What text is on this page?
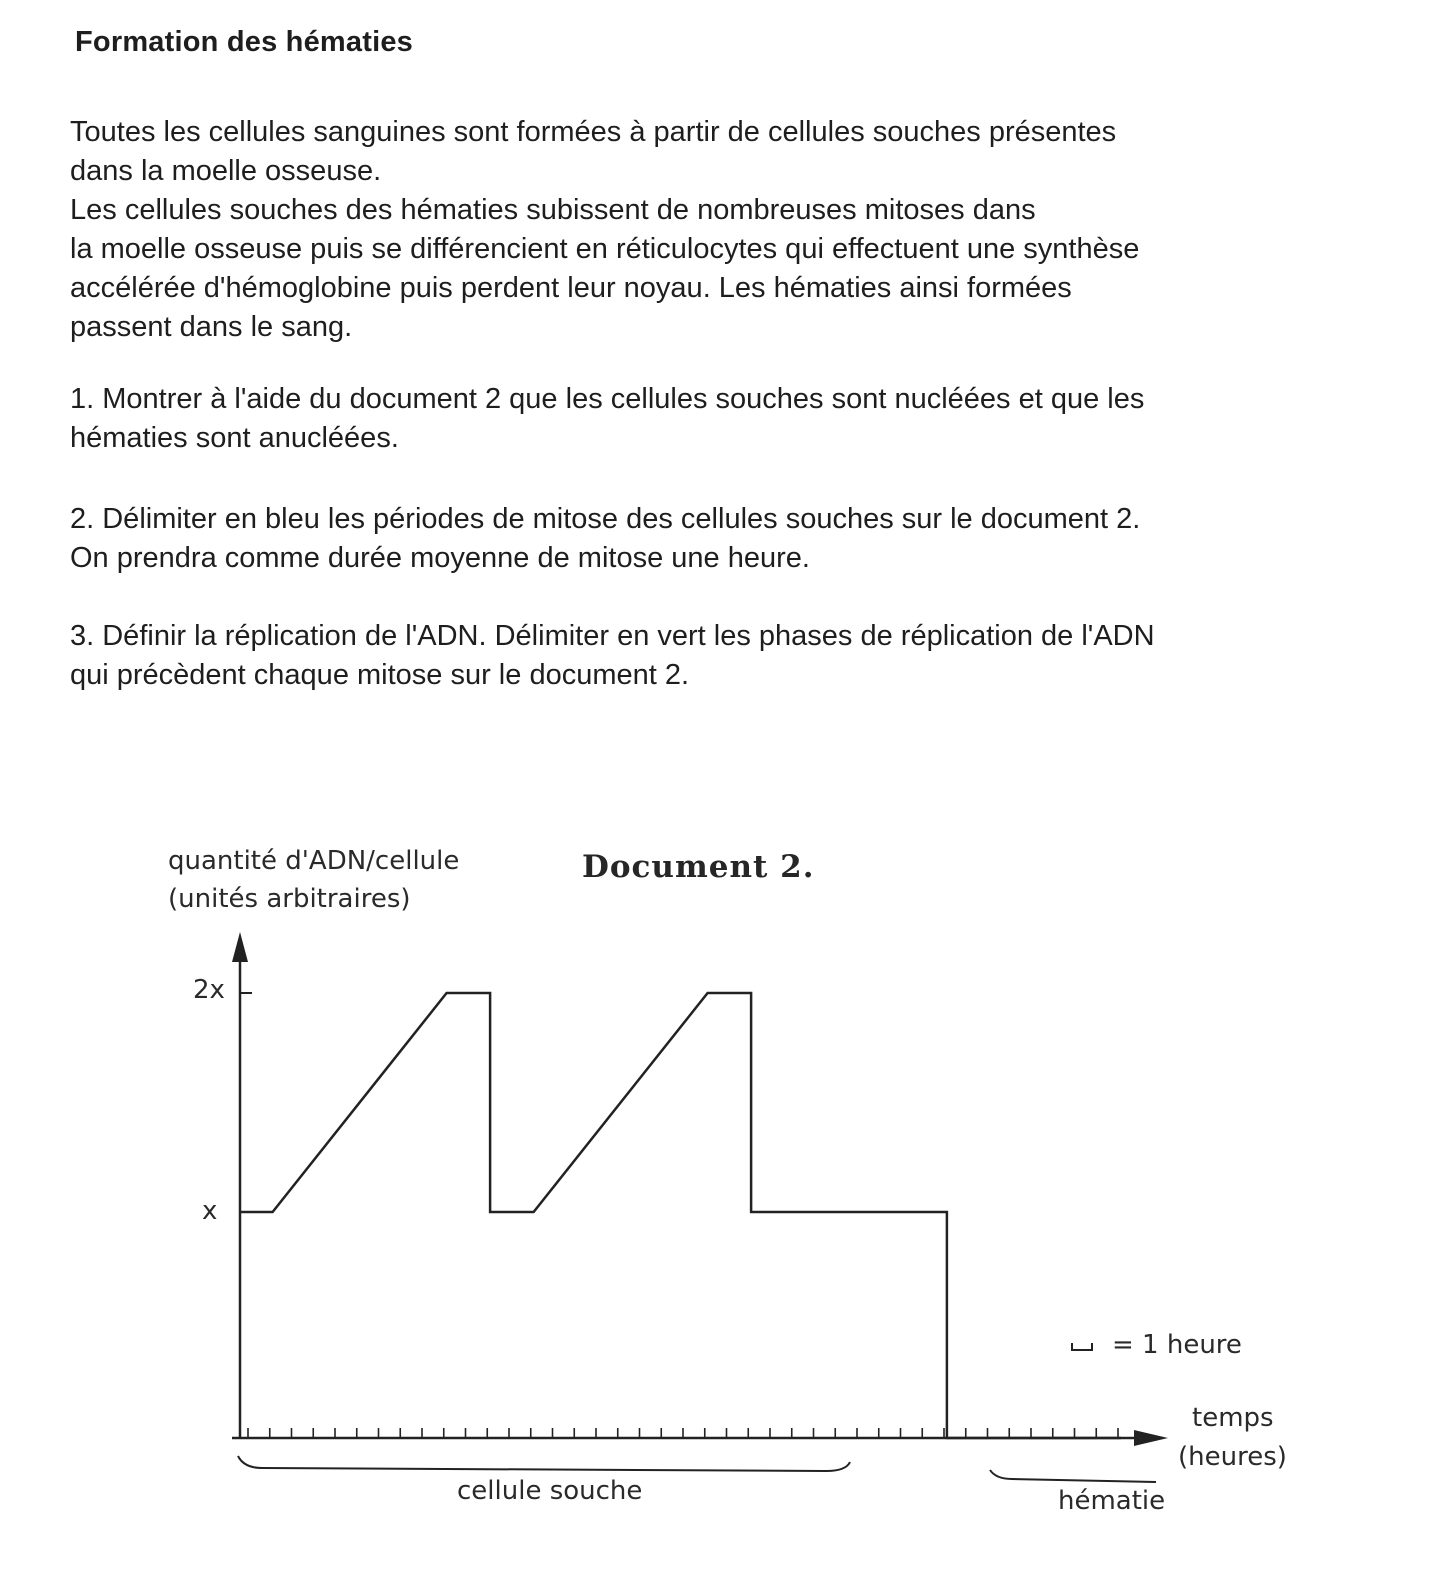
Formation des hématies
Toutes les cellules sanguines sont formées à partir de cellules souches présentes
dans la moelle osseuse.
Les cellules souches des hématies subissent de nombreuses mitoses dans
la moelle osseuse puis se différencient en réticulocytes qui effectuent une synthèse
accélérée d'hémoglobine puis perdent leur noyau. Les hématies ainsi formées
passent dans le sang.
1. Montrer à l'aide du document 2 que les cellules souches sont nucléées et que les
hématies sont anucléées.
2. Délimiter en bleu les périodes de mitose des cellules souches sur le document 2.
On prendra comme durée moyenne de mitose une heure.
3. Définir la réplication de l'ADN. Délimiter en vert les phases de réplication de l'ADN
qui précèdent chaque mitose sur le document 2.
quantité d'ADN/cellule
(unités arbitraires)
Document 2.
2x
x
= 1 heure
temps
(heures)
cellule souche	hématie
